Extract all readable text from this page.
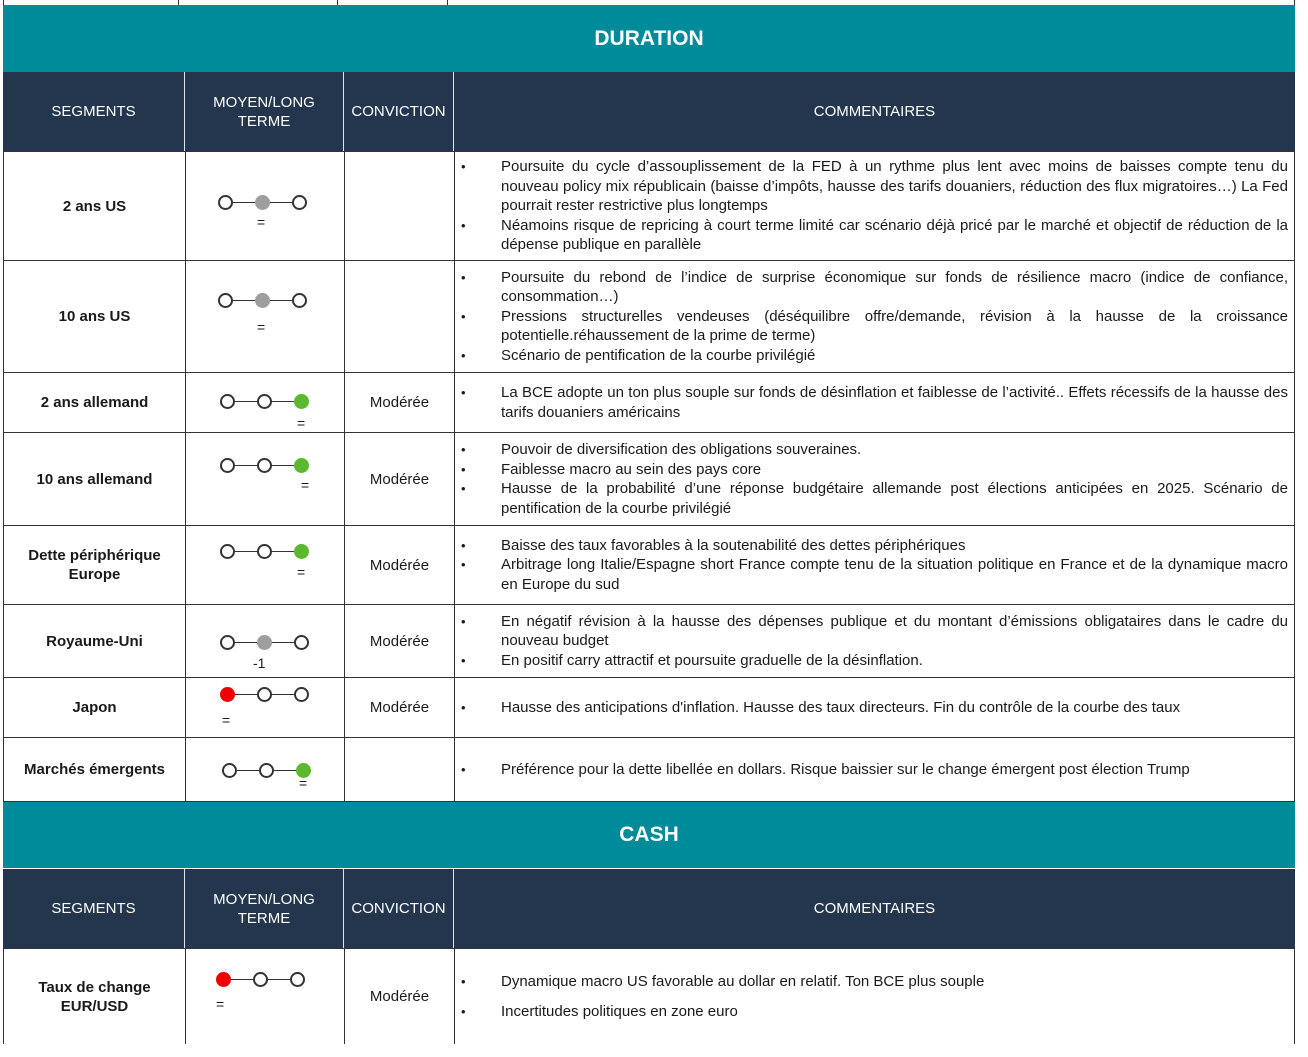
DURATION
SEGMENTS
MOYEN/LONG TERME
CONVICTION	COMMENTAIRES
2 ans US
=
• Poursuite du cycle d’assouplissement de la FED à un rythme plus lent avec moins de baisses compte tenu du nouveau policy mix républicain (baisse d’impôts, hausse des tarifs douaniers, réduction des flux migratoires…) La Fed pourrait rester restrictive plus longtemps
• Néamoins risque de repricing à court terme limité car scénario déjà pricé par le marché et objectif de réduction de la dépense publique en parallèle
10 ans US
=
• Poursuite du rebond de l’indice de surprise économique sur fonds de résilience macro (indice de confiance, consommation…)
• Pressions structurelles vendeuses (déséquilibre offre/demande, révision à la hausse de la croissance potentielle.réhaussement de la prime de terme)
• Scénario de pentification de la courbe privilégié
2 ans allemand
=
Modérée
• La BCE adopte un ton plus souple sur fonds de désinflation et faiblesse de l’activité.. Effets récessifs de la hausse des tarifs douaniers américains
10 ans allemand	=	Modérée
• Pouvoir de diversification des obligations souveraines.
• Faiblesse macro au sein des pays core
• Hausse de la probabilité d’une réponse budgétaire allemande post élections anticipées en 2025. Scénario de pentification de la courbe privilégié
Dette périphérique Europe	=	Modérée
• Baisse des taux favorables à la soutenabilité des dettes périphériques
• Arbitrage long Italie/Espagne short France compte tenu de la situation politique en France et de la dynamique macro en Europe du sud
Royaume-Uni
-1
Modérée
• En négatif révision à la hausse des dépenses publique et du montant d’émissions obligataires dans le cadre du nouveau budget
• En positif carry attractif et poursuite graduelle de la désinflation.
Japon
=
Modérée
•	Hausse des anticipations d'inflation. Hausse des taux directeurs. Fin du contrôle de la courbe des taux
Marchés émergents
=
• Préférence pour la dette libellée en dollars. Risque baissier sur le change émergent post élection Trump
CASH
SEGMENTS
MOYEN/LONG TERME
CONVICTION	COMMENTAIRES
Taux de change EUR/USD	=	Modérée
• Dynamique macro US favorable au dollar en relatif. Ton BCE plus souple
• Incertitudes politiques en zone euro
